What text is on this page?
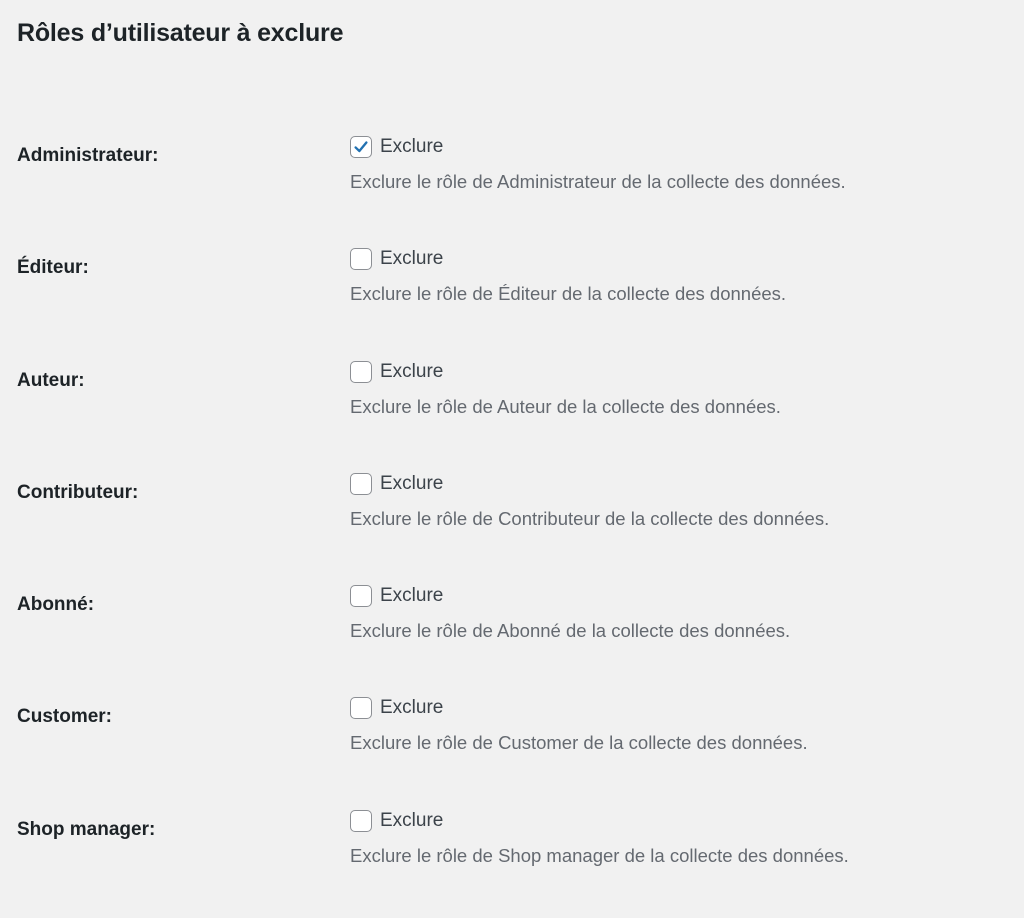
Rôles d’utilisateur à exclure
Administrateur:	Exclure
Exclure le rôle de Administrateur de la collecte des données.
Éditeur:	Exclure
Exclure le rôle de Éditeur de la collecte des données.
Auteur:	Exclure
Exclure le rôle de Auteur de la collecte des données.
Contributeur:	Exclure
Exclure le rôle de Contributeur de la collecte des données.
Abonné:	Exclure
Exclure le rôle de Abonné de la collecte des données.
Customer:	Exclure
Exclure le rôle de Customer de la collecte des données.
Shop manager:	Exclure
Exclure le rôle de Shop manager de la collecte des données.
